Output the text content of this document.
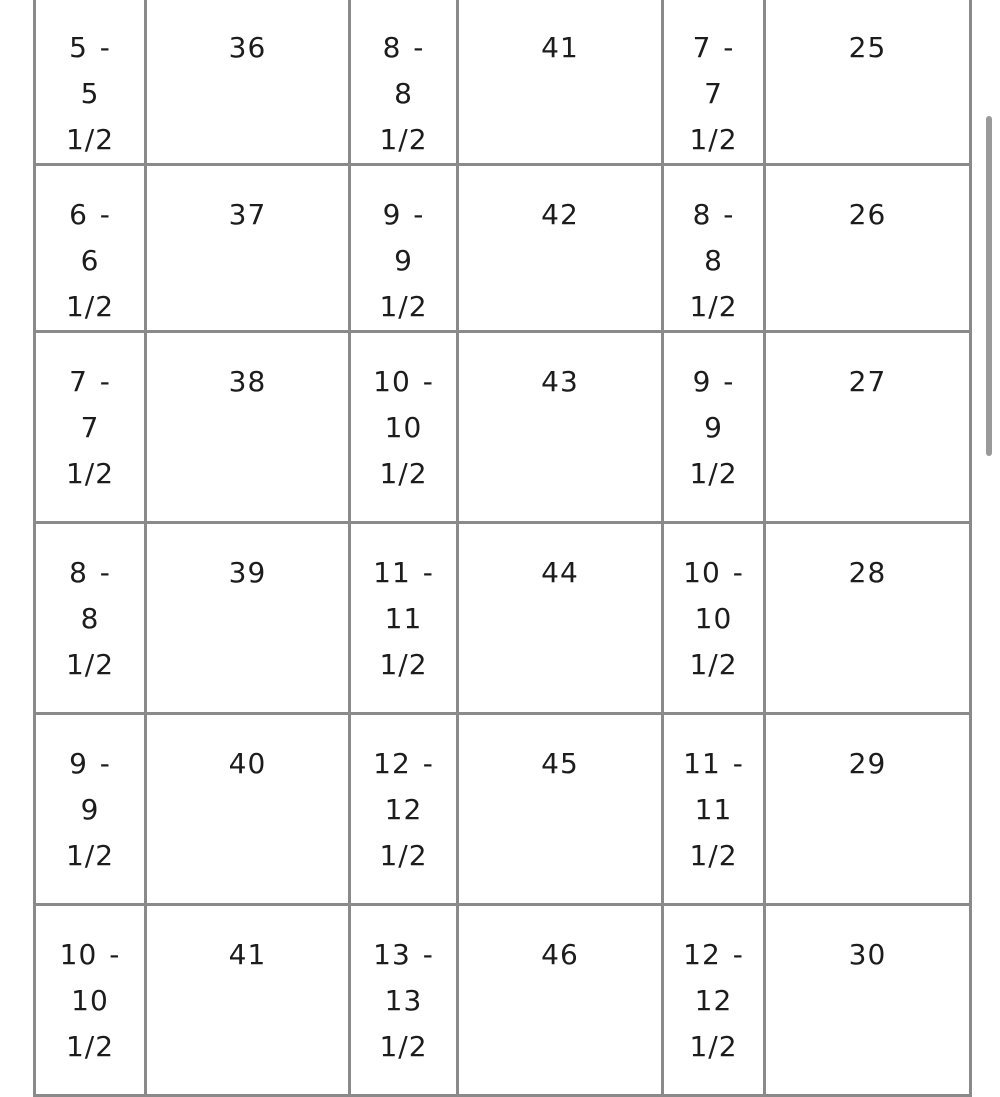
5 - 5 1/2	36	8 - 8 1/2	41	7 - 7 1/2	25

6 - 6 1/2	37	9 - 9 1/2	42	8 - 8 1/2	26

7 - 7 1/2	38	10 - 10 1/2	43	9 - 9 1/2	27

8 - 8 1/2	39	11 - 11 1/2	44	10 - 10 1/2	28

9 - 9 1/2	40	12 - 12 1/2	45	11 - 11 1/2	29

10 - 10 1/2	41	13 - 13 1/2	46	12 - 12 1/2	30
